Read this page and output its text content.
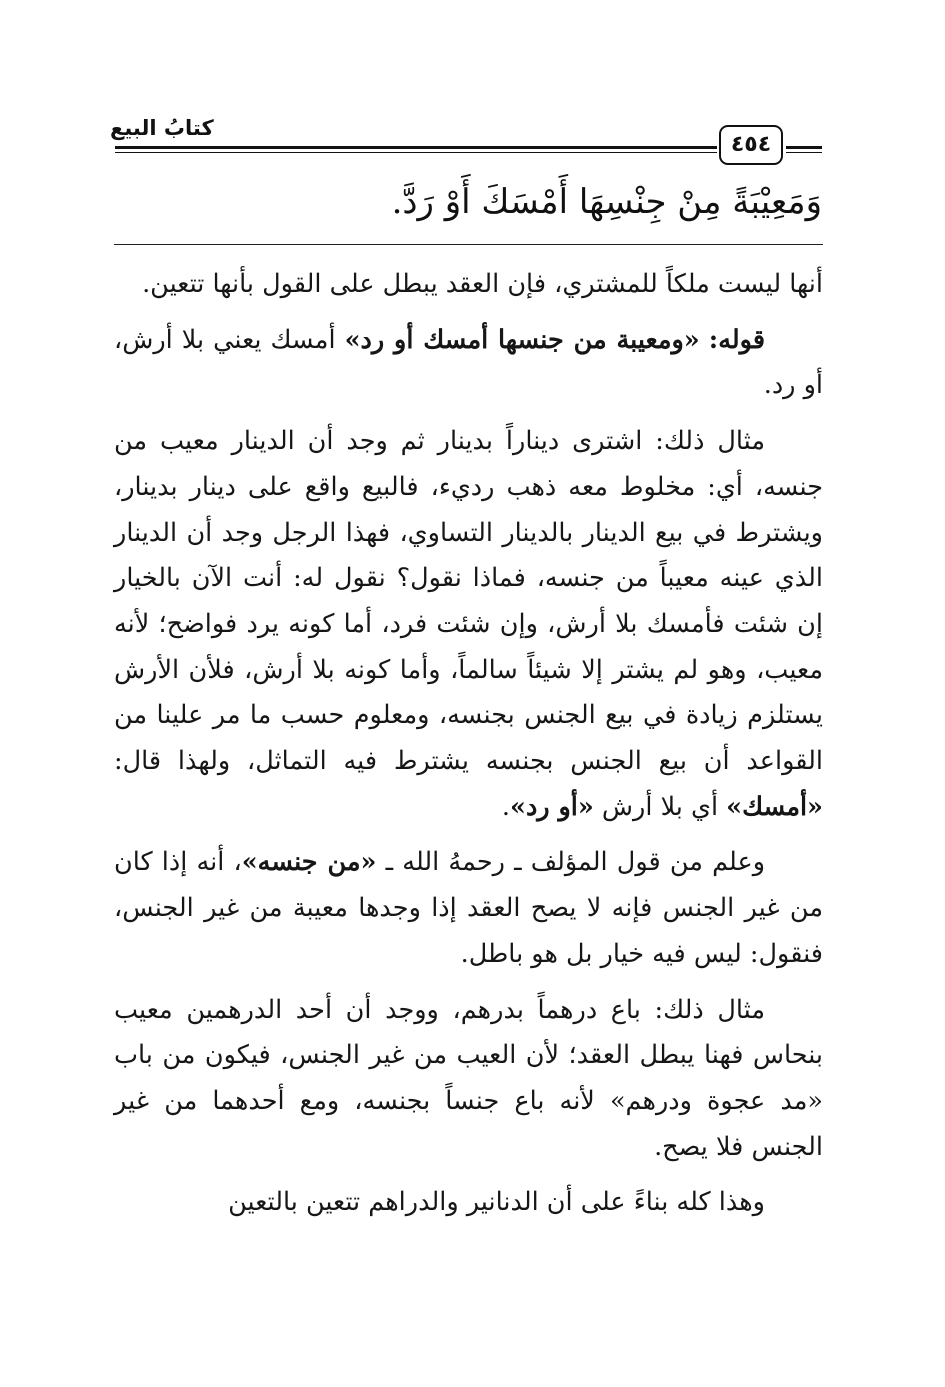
كتابُ البيع
٤٥٤
وَمَعِيْبَةً مِنْ جِنْسِهَا أَمْسَكَ أَوْ رَدَّ.

أنها ليست ملكاً للمشتري، فإن العقد يبطل على القول بأنها تتعين.

قوله: «ومعيبة من جنسها أمسك أو رد» أمسك يعني بلا أرش، أو رد.

مثال ذلك: اشترى ديناراً بدينار ثم وجد أن الدينار معيب من جنسه، أي: مخلوط معه ذهب رديء، فالبيع واقع على دينار بدينار، ويشترط في بيع الدينار بالدينار التساوي، فهذا الرجل وجد أن الدينار الذي عينه معيباً من جنسه، فماذا نقول؟ نقول له: أنت الآن بالخيار إن شئت فأمسك بلا أرش، وإن شئت فرد، أما كونه يرد فواضح؛ لأنه معيب، وهو لم يشتر إلا شيئاً سالماً، وأما كونه بلا أرش، فلأن الأرش يستلزم زيادة في بيع الجنس بجنسه، ومعلوم حسب ما مر علينا من القواعد أن بيع الجنس بجنسه يشترط فيه التماثل، ولهذا قال: «أمسك» أي بلا أرش «أو رد».

وعلم من قول المؤلف ـ رحمهُ الله ـ «من جنسه»، أنه إذا كان من غير الجنس فإنه لا يصح العقد إذا وجدها معيبة من غير الجنس، فنقول: ليس فيه خيار بل هو باطل.

مثال ذلك: باع درهماً بدرهم، ووجد أن أحد الدرهمين معيب بنحاس فهنا يبطل العقد؛ لأن العيب من غير الجنس، فيكون من باب «مد عجوة ودرهم» لأنه باع جنساً بجنسه، ومع أحدهما من غير الجنس فلا يصح.

وهذا كله بناءً على أن الدنانير والدراهم تتعين بالتعين
